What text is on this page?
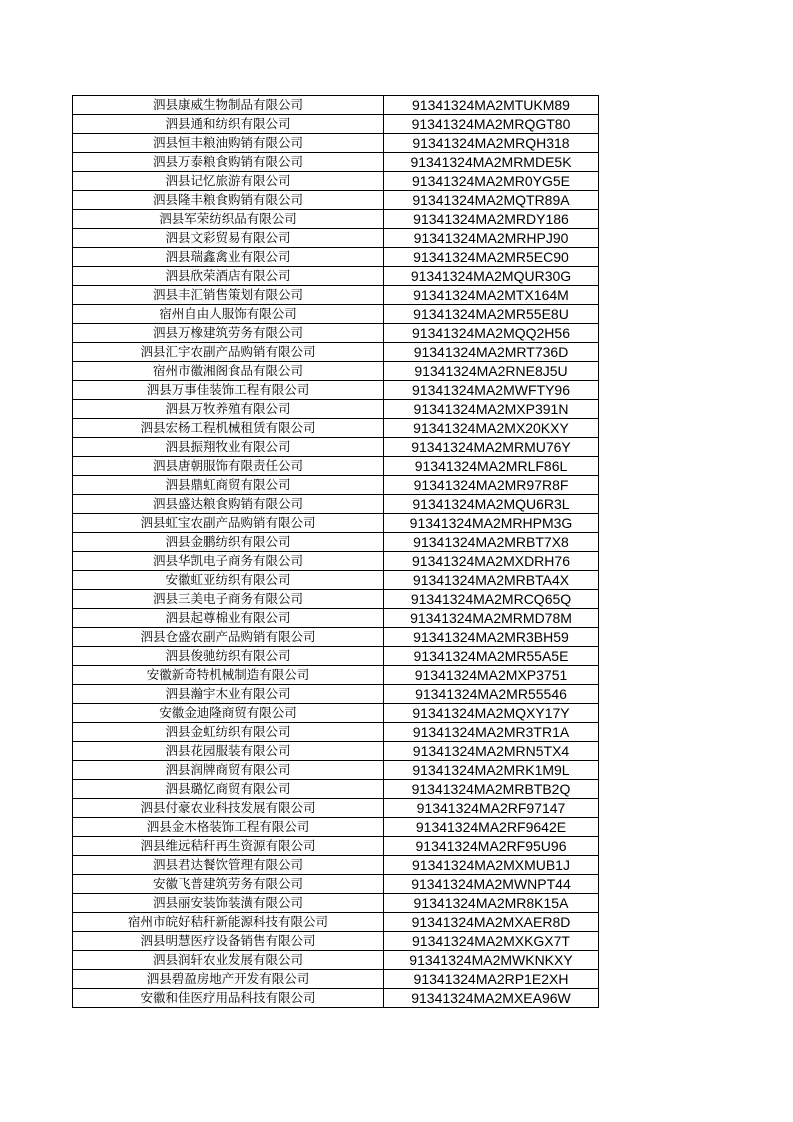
泗县康威生物制品有限公司	91341324MA2MTUKM89
泗县通和纺织有限公司	91341324MA2MRQGT80
泗县恒丰粮油购销有限公司	91341324MA2MRQH318
泗县万泰粮食购销有限公司	91341324MA2MRMDE5K
泗县记忆旅游有限公司	91341324MA2MR0YG5E
泗县隆丰粮食购销有限公司	91341324MA2MQTR89A
泗县军荣纺织品有限公司	91341324MA2MRDY186
泗县文彩贸易有限公司	91341324MA2MRHPJ90
泗县瑞鑫禽业有限公司	91341324MA2MR5EC90
泗县欣荣酒店有限公司	91341324MA2MQUR30G
泗县丰汇销售策划有限公司	91341324MA2MTX164M
宿州自由人服饰有限公司	91341324MA2MR55E8U
泗县万橡建筑劳务有限公司	91341324MA2MQQ2H56
泗县汇宇农副产品购销有限公司	91341324MA2MRT736D
宿州市徽湘阁食品有限公司	91341324MA2RNE8J5U
泗县万事佳装饰工程有限公司	91341324MA2MWFTY96
泗县万牧养殖有限公司	91341324MA2MXP391N
泗县宏杨工程机械租赁有限公司	91341324MA2MX20KXY
泗县振翔牧业有限公司	91341324MA2MRMU76Y
泗县唐朝服饰有限责任公司	91341324MA2MRLF86L
泗县鼎虹商贸有限公司	91341324MA2MR97R8F
泗县盛达粮食购销有限公司	91341324MA2MQU6R3L
泗县虹宝农副产品购销有限公司	91341324MA2MRHPM3G
泗县金鹏纺织有限公司	91341324MA2MRBT7X8
泗县华凯电子商务有限公司	91341324MA2MXDRH76
安徽虹亚纺织有限公司	91341324MA2MRBTA4X
泗县三美电子商务有限公司	91341324MA2MRCQ65Q
泗县起尊棉业有限公司	91341324MA2MRMD78M
泗县仓盛农副产品购销有限公司	91341324MA2MR3BH59
泗县俊驰纺织有限公司	91341324MA2MR55A5E
安徽新奇特机械制造有限公司	91341324MA2MXP3751
泗县瀚宇木业有限公司	91341324MA2MR55546
安徽金迪隆商贸有限公司	91341324MA2MQXY17Y
泗县金虹纺织有限公司	91341324MA2MR3TR1A
泗县花园服装有限公司	91341324MA2MRN5TX4
泗县润牌商贸有限公司	91341324MA2MRK1M9L
泗县璐忆商贸有限公司	91341324MA2MRBTB2Q
泗县付豪农业科技发展有限公司	91341324MA2RF97147
泗县金木格装饰工程有限公司	91341324MA2RF9642E
泗县维远秸秆再生资源有限公司	91341324MA2RF95U96
泗县君达餐饮管理有限公司	91341324MA2MXMUB1J
安徽飞普建筑劳务有限公司	91341324MA2MWNPT44
泗县丽安装饰装潢有限公司	91341324MA2MR8K15A
宿州市皖好秸秆新能源科技有限公司	91341324MA2MXAER8D
泗县明慧医疗设备销售有限公司	91341324MA2MXKGX7T
泗县润轩农业发展有限公司	91341324MA2MWKNKXY
泗县碧盈房地产开发有限公司	91341324MA2RP1E2XH
安徽和佳医疗用品科技有限公司	91341324MA2MXEA96W
